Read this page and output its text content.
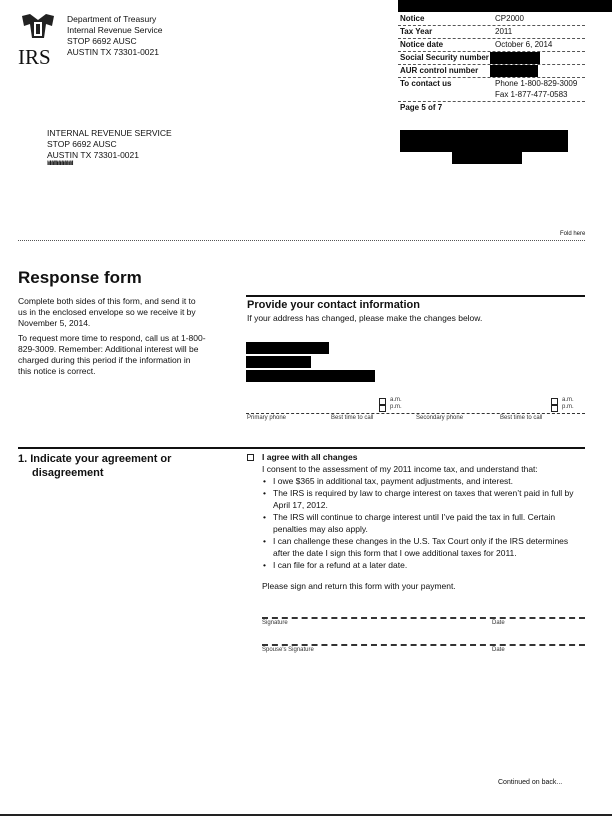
IRS
Department of Treasury
Internal Revenue Service
STOP 6692 AUSC
AUSTIN TX 73301-0021
Notice	CP2000
Tax Year	2011
Notice date	October 6, 2014
Social Security number
AUR control number
To contact us	Phone 1-800-829-3009
Fax 1-877-477-0583
Page 5 of 7
INTERNAL REVENUE SERVICE
STOP 6692 AUSC
AUSTIN TX 73301-0021
ǀıǀıǀǀıǀǀǀıǀǀǀǀǀıǀıǀǀıǀıǀǀıǀıǀǀǀıǀǀıǀıǀǀıǀǀ
Fold here
Response form
Complete both sides of this form, and send it to us in the enclosed envelope so we receive it by November 5, 2014.
To request more time to respond, call us at 1-800-829-3009. Remember: Additional interest will be charged during this period if the information in this notice is correct.
Provide your contact information
If your address has changed, please make the changes below.
Primary phone	Best time to call	Secondary phone	Best time to call
a.m.
p.m.
a.m.
p.m.
1. Indicate your agreement or disagreement
I agree with all changes
I consent to the assessment of my 2011 income tax, and understand that:
• I owe $365 in additional tax, payment adjustments, and interest.
• The IRS is required by law to charge interest on taxes that weren’t paid in full by April 17, 2012.
• The IRS will continue to charge interest until I’ve paid the tax in full. Certain penalties may also apply.
• I can challenge these changes in the U.S. Tax Court only if the IRS determines after the date I sign this form that I owe additional taxes for 2011.
• I can file for a refund at a later date.
Please sign and return this form with your payment.
Signature	Date
Spouse's Signature	Date
Continued on back...
